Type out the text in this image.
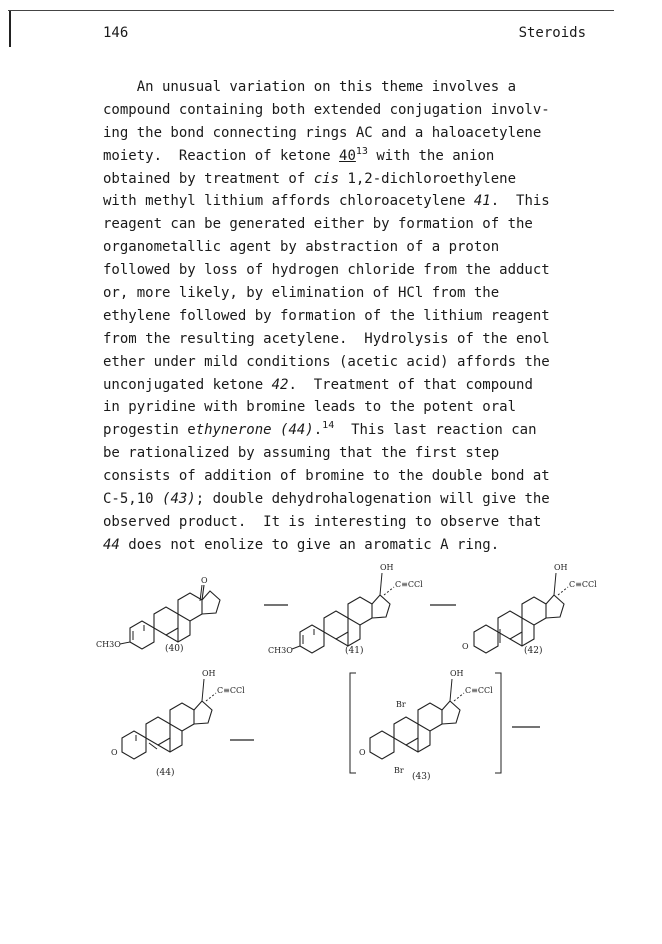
146	Steroids
An unusual variation on this theme involves a
compound containing both extended conjugation involv-
ing the bond connecting rings AC and a haloacetylene
moiety.  Reaction of ketone $40^{13}$ with the anion
obtained by treatment of cis 1,2-dichloroethylene
with methyl lithium affords chloroacetylene 41.  This
reagent can be generated either by formation of the
organometallic agent by abstraction of a proton
followed by loss of hydrogen chloride from the adduct
or, more likely, by elimination of HCl from the
ethylene followed by formation of the lithium reagent
from the resulting acetylene.  Hydrolysis of the enol
ether under mild conditions (acetic acid) affords the
unconjugated ketone 42.  Treatment of that compound
in pyridine with bromine leads to the potent oral
progestin ethynerone (44).$^{14}$  This last reaction can
be rationalized by assuming that the first step
consists of addition of bromine to the double bond at
C-5,10 (43); double dehydrohalogenation will give the
observed product.  It is interesting to observe that
44 does not enolize to give an aromatic A ring.
O
CH3O	(40)
OH
C≡CCl
CH3O	(41)
OH
C≡CCl
O	(42)
OH
C≡CCl
O
(44)
OH
C≡CCl
O
Br
Br
(43)
